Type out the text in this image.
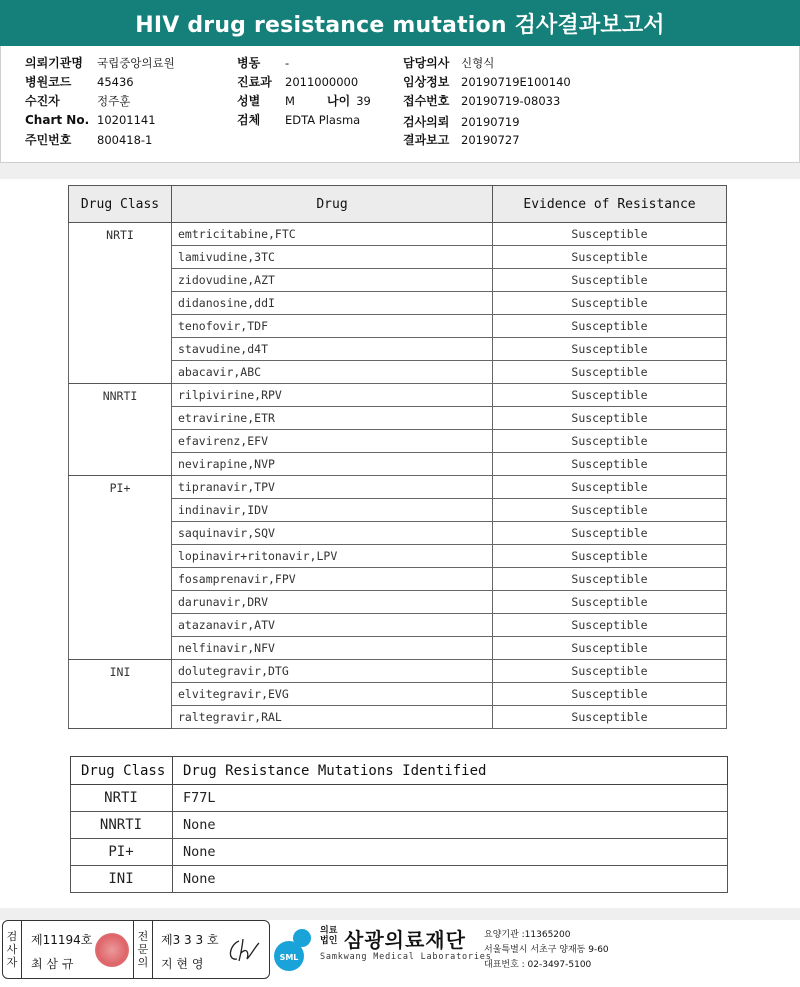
HIV drug resistance mutation 검사결과보고서
의뢰기관명 국립중앙의료원
병원코드 45436
수진자	정주훈
Chart No. 10201141
주민번호 800418-1
병동 -
진료과 2011000000
성별 M
검체 EDTA Plasma
담당의사 신형식
임상정보 20190719E100140
접수번호 20190719-08033
검사의뢰 20190719
결과보고 20190727
나이 39
Drug Class	Drug	Evidence of Resistance
NRTI	emtricitabine,FTC	Susceptible
	lamivudine,3TC	Susceptible
	zidovudine,AZT	Susceptible
	didanosine,ddI	Susceptible
	tenofovir,TDF	Susceptible
	stavudine,d4T	Susceptible
	abacavir,ABC	Susceptible
NNRTI	rilpivirine,RPV	Susceptible
	etravirine,ETR	Susceptible
	efavirenz,EFV	Susceptible
	nevirapine,NVP	Susceptible
PI+	tipranavir,TPV	Susceptible
	indinavir,IDV	Susceptible
	saquinavir,SQV	Susceptible
	lopinavir+ritonavir,LPV	Susceptible
	fosamprenavir,FPV	Susceptible
	darunavir,DRV	Susceptible
	atazanavir,ATV	Susceptible
	nelfinavir,NFV	Susceptible
INI	dolutegravir,DTG	Susceptible
	elvitegravir,EVG	Susceptible
	raltegravir,RAL	Susceptible
Drug Class	Drug Resistance Mutations Identified
NRTI	F77L
NNRTI	None
PI+	None
INI	None
검
사
자
제11194호
최 삼 규
전
문
의
제3 3 3 호
지 현 영	SML
의료
법인 삼광의료재단
Samkwang Medical Laboratories
요양기관 :11365200
서울특별시 서초구 양재동 9-60
대표번호 : 02-3497-5100
